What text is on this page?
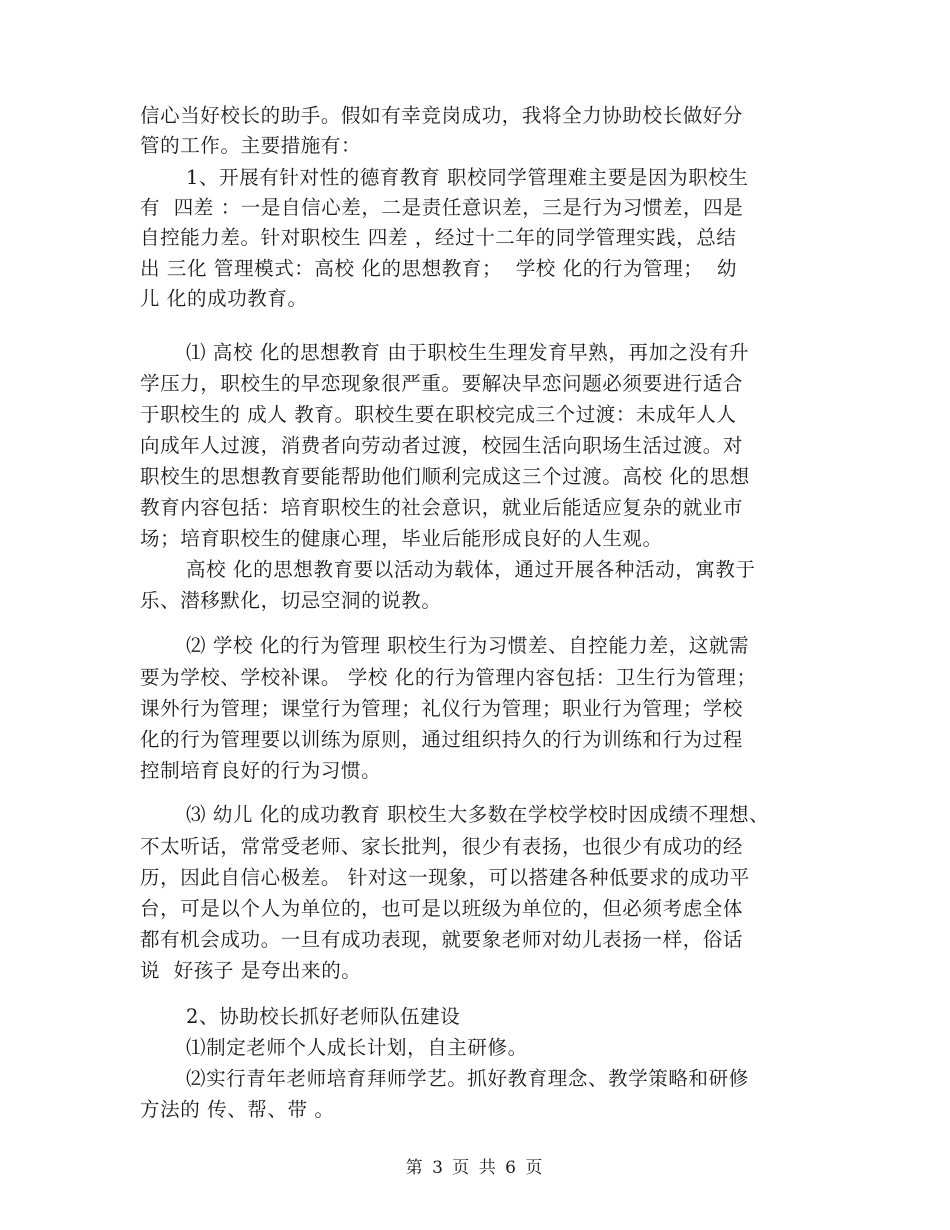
信心当好校长的助手。假如有幸竞岗成功，我将全力协助校长做好分
管的工作。主要措施有：
1、开展有针对性的德育教育 职校同学管理难主要是因为职校生
有  四差 ：一是自信心差，二是责任意识差，三是行为习惯差，四是
自控能力差。针对职校生 四差 ，经过十二年的同学管理实践，总结
出 三化 管理模式：高校 化的思想教育；  学校 化的行为管理；  幼
儿 化的成功教育。
⑴ 高校 化的思想教育 由于职校生生理发育早熟，再加之没有升
学压力，职校生的早恋现象很严重。要解决早恋问题必须要进行适合
于职校生的 成人 教育。职校生要在职校完成三个过渡：未成年人人
向成年人过渡，消费者向劳动者过渡，校园生活向职场生活过渡。对
职校生的思想教育要能帮助他们顺利完成这三个过渡。高校 化的思想
教育内容包括：培育职校生的社会意识，就业后能适应复杂的就业市
场；培育职校生的健康心理，毕业后能形成良好的人生观。
高校 化的思想教育要以活动为载体，通过开展各种活动，寓教于
乐、潜移默化，切忌空洞的说教。
⑵ 学校 化的行为管理 职校生行为习惯差、自控能力差，这就需
要为学校、学校补课。 学校 化的行为管理内容包括：卫生行为管理；
课外行为管理；课堂行为管理；礼仪行为管理；职业行为管理；学校
化的行为管理要以训练为原则，通过组织持久的行为训练和行为过程
控制培育良好的行为习惯。
⑶ 幼儿 化的成功教育 职校生大多数在学校学校时因成绩不理想、
不太听话，常常受老师、家长批判，很少有表扬，也很少有成功的经
历，因此自信心极差。 针对这一现象，可以搭建各种低要求的成功平
台，可是以个人为单位的，也可是以班级为单位的，但必须考虑全体
都有机会成功。一旦有成功表现，就要象老师对幼儿表扬一样，俗话
说  好孩子 是夸出来的。
2、协助校长抓好老师队伍建设
⑴制定老师个人成长计划，自主研修。
⑵实行青年老师培育拜师学艺。抓好教育理念、教学策略和研修
方法的 传、帮、带 。
第 3 页 共 6 页
